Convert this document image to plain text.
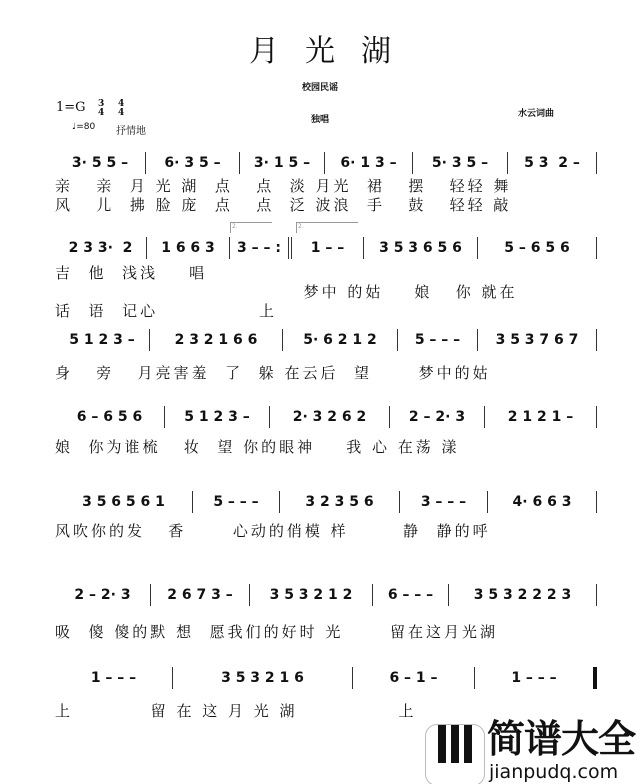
月光湖
校园民谣
独唱
水云词曲
1=G 3
4
4
4
♩=80 抒情地
3· 5 5 –	6· 3 5 –	3· 1 5 –	6· 1 3 –	5· 3 5 –	5 3  2 –
亲   亲  月 光 湖  点   点  淡 月光  裙   摆   轻轻 舞
风   儿  拂 脸 庞  点   点  泛 波浪  手   鼓   轻轻 敲
2 3 3·  2	1 6 6 3	3 – – :	1 – –	3 5 3 6 5 6	5 – 6 5 6
2.	2.
吉  他  浅浅    唱
梦中 的姑    娘   你 就在
话  语  记心             上
5 1 2 3 –	2 3 2 1 6 6	5· 6 2 1 2	5 – – –	3 5 3 7 6 7
身   旁   月亮害羞  了  躲 在云后  望      梦中的姑
6 – 6 5 6	5 1 2 3 –	2· 3 2 6 2	2 – 2· 3	2 1 2 1 –
娘  你为谁梳   妆  望 你的眼神    我 心 在荡 漾
3 5 6 5 6 1	5 – – –	3 2 3 5 6	3 – – –	4· 6 6 3
风吹你的发   香      心动的俏模 样       静  静的呼
2 – 2· 3	2 6 7 3 –	3 5 3 2 1 2	6 – – –	3 5 3 2 2 2 3
吸  傻 傻的默 想  愿我们的好时 光      留在这月光湖
1 – – –	3 5 3 2 1 6	6 – 1 –	1 – – –
上          留 在 这 月 光 湖             上
简谱大全
jianpudq.com
